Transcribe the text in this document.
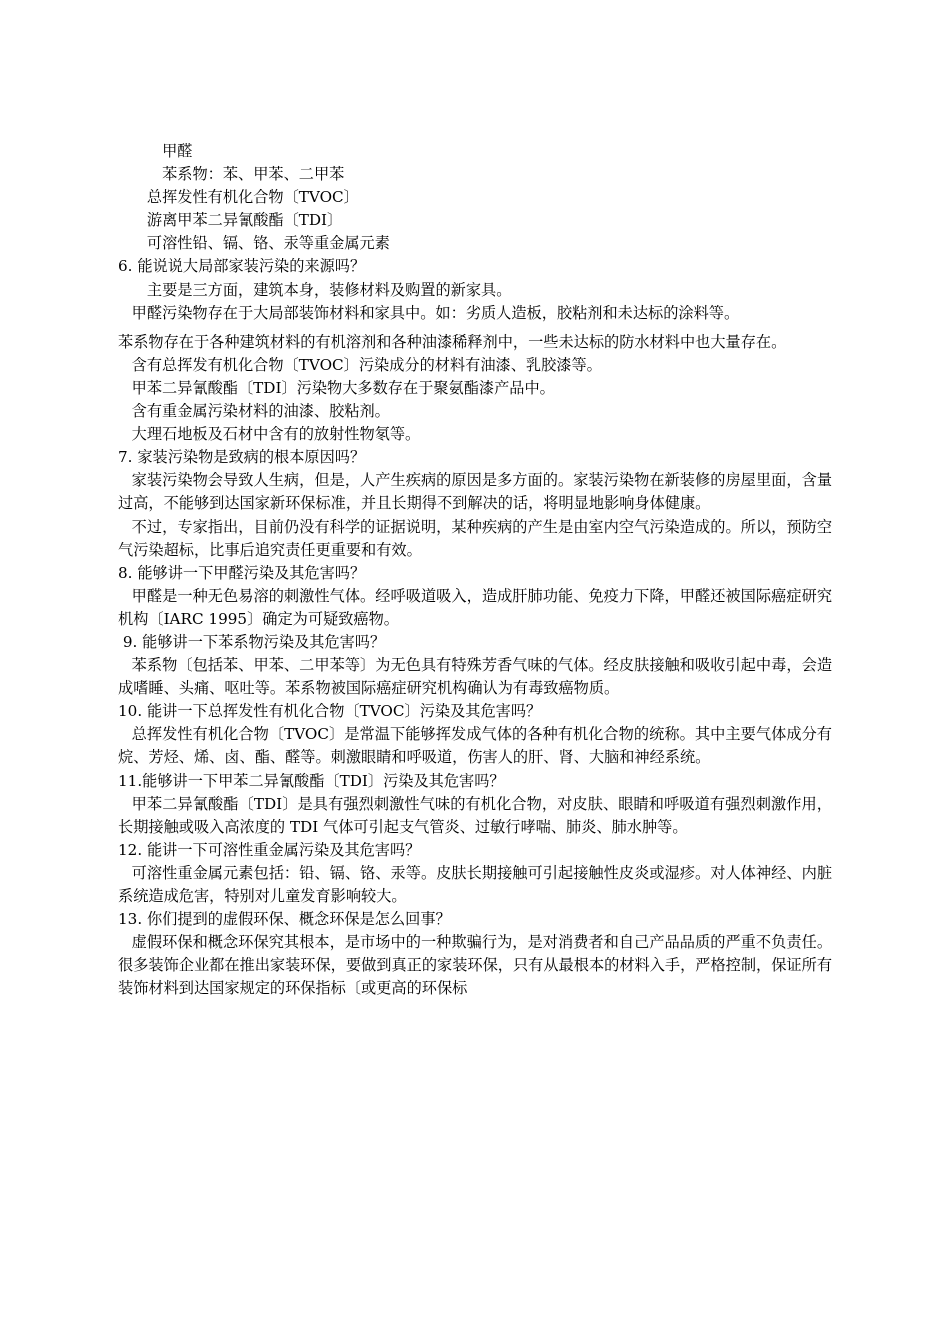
甲醛

苯系物：苯、甲苯、二甲苯

总挥发性有机化合物〔TVOC〕

游离甲苯二异氰酸酯〔TDI〕

可溶性铅、镉、铬、汞等重金属元素

6. 能说说大局部家装污染的来源吗？

主要是三方面，建筑本身，装修材料及购置的新家具。

甲醛污染物存在于大局部装饰材料和家具中。如：劣质人造板，胶粘剂和未达标的涂料等。

苯系物存在于各种建筑材料的有机溶剂和各种油漆稀释剂中，一些未达标的防水材料中也大量存在。

含有总挥发有机化合物〔TVOC〕污染成分的材料有油漆、乳胶漆等。

甲苯二异氰酸酯〔TDI〕污染物大多数存在于聚氨酯漆产品中。

含有重金属污染材料的油漆、胶粘剂。

大理石地板及石材中含有的放射性物氡等。

7. 家装污染物是致病的根本原因吗？

家装污染物会导致人生病，但是，人产生疾病的原因是多方面的。家装污染物在新装修的房屋里面，含量过高，不能够到达国家新环保标准，并且长期得不到解决的话，将明显地影响身体健康。

不过，专家指出，目前仍没有科学的证据说明，某种疾病的产生是由室内空气污染造成的。所以，预防空气污染超标，比事后追究责任更重要和有效。

8. 能够讲一下甲醛污染及其危害吗？

甲醛是一种无色易溶的刺激性气体。经呼吸道吸入，造成肝肺功能、免疫力下降，甲醛还被国际癌症研究机构〔IARC 1995〕确定为可疑致癌物。

9. 能够讲一下苯系物污染及其危害吗？

苯系物〔包括苯、甲苯、二甲苯等〕为无色具有特殊芳香气味的气体。经皮肤接触和吸收引起中毒，会造成嗜睡、头痛、呕吐等。苯系物被国际癌症研究机构确认为有毒致癌物质。

10. 能讲一下总挥发性有机化合物〔TVOC〕污染及其危害吗？

总挥发性有机化合物〔TVOC〕是常温下能够挥发成气体的各种有机化合物的统称。其中主要气体成分有烷、芳烃、烯、卤、酯、醛等。刺激眼睛和呼吸道，伤害人的肝、肾、大脑和神经系统。

11.能够讲一下甲苯二异氰酸酯〔TDI〕污染及其危害吗？

甲苯二异氰酸酯〔TDI〕是具有强烈刺激性气味的有机化合物，对皮肤、眼睛和呼吸道有强烈刺激作用，长期接触或吸入高浓度的 TDI 气体可引起支气管炎、过敏行哮喘、肺炎、肺水肿等。

12. 能讲一下可溶性重金属污染及其危害吗？

可溶性重金属元素包括：铅、镉、铬、汞等。皮肤长期接触可引起接触性皮炎或湿疹。对人体神经、内脏系统造成危害，特别对儿童发育影响较大。

13. 你们提到的虚假环保、概念环保是怎么回事？

虚假环保和概念环保究其根本，是市场中的一种欺骗行为，是对消费者和自己产品品质的严重不负责任。很多装饰企业都在推出家装环保，要做到真正的家装环保，只有从最根本的材料入手，严格控制，保证所有装饰材料到达国家规定的环保指标〔或更高的环保标
